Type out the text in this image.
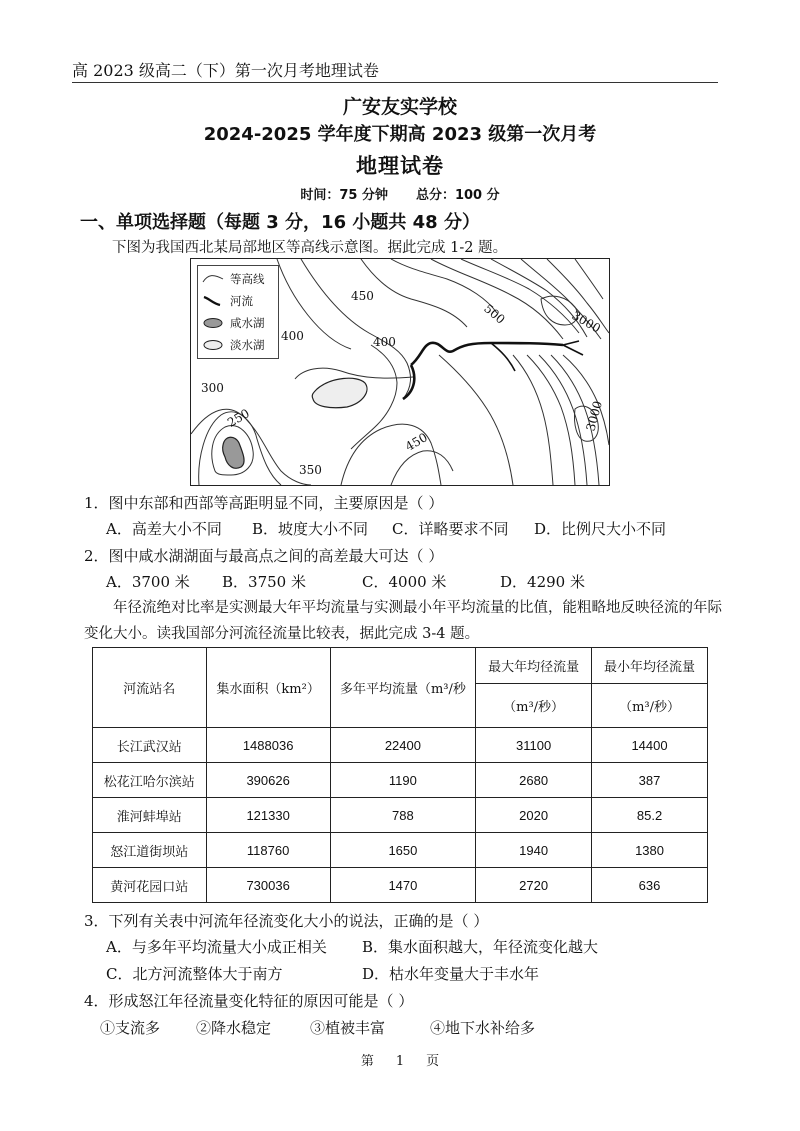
高 2023 级高二（下）第一次月考地理试卷
广安友实学校
2024-2025 学年度下期高 2023 级第一次月考
地理试卷
时间：75 分钟 总分：100 分
一、单项选择题（每题 3 分，16 小题共 48 分）
下图为我国西北某局部地区等高线示意图。据此完成 1-2 题。
等高线
河流
咸水湖
淡水湖
450
500	3000
400	400
300
250
450
350
3000
1．图中东部和西部等高距明显不同，主要原因是（ ）
A．高差大小不同 B．坡度大小不同 C．详略要求不同 D．比例尺大小不同
2．图中咸水湖湖面与最高点之间的高差最大可达（ ）
A．3700 米 B．3750 米	C．4000 米	D．4290 米
年径流绝对比率是实测最大年平均流量与实测最小年平均流量的比值，能粗略地反映径流的年际变化大小。读我国部分河流径流量比较表，据此完成 3-4 题。
河流站名	集水面积（km²）	多年平均流量（m³/秒	最大年均径流量	最小年均径流量
			（m³/秒）	（m³/秒）
长江武汉站	1488036	22400	31100	14400
松花江哈尔滨站	390626	1190	2680	387
淮河蚌埠站	121330	788	2020	85.2
怒江道街坝站	118760	1650	1940	1380
黄河花园口站	730036	1470	2720	636
3．下列有关表中河流年径流变化大小的说法，正确的是（ ）
A．与多年平均流量大小成正相关 B．集水面积越大，年径流变化越大
C．北方河流整体大于南方	D．枯水年变量大于丰水年
4．形成怒江年径流量变化特征的原因可能是（ ）
①支流多 ②降水稳定	③植被丰富	④地下水补给多
第 1 页
